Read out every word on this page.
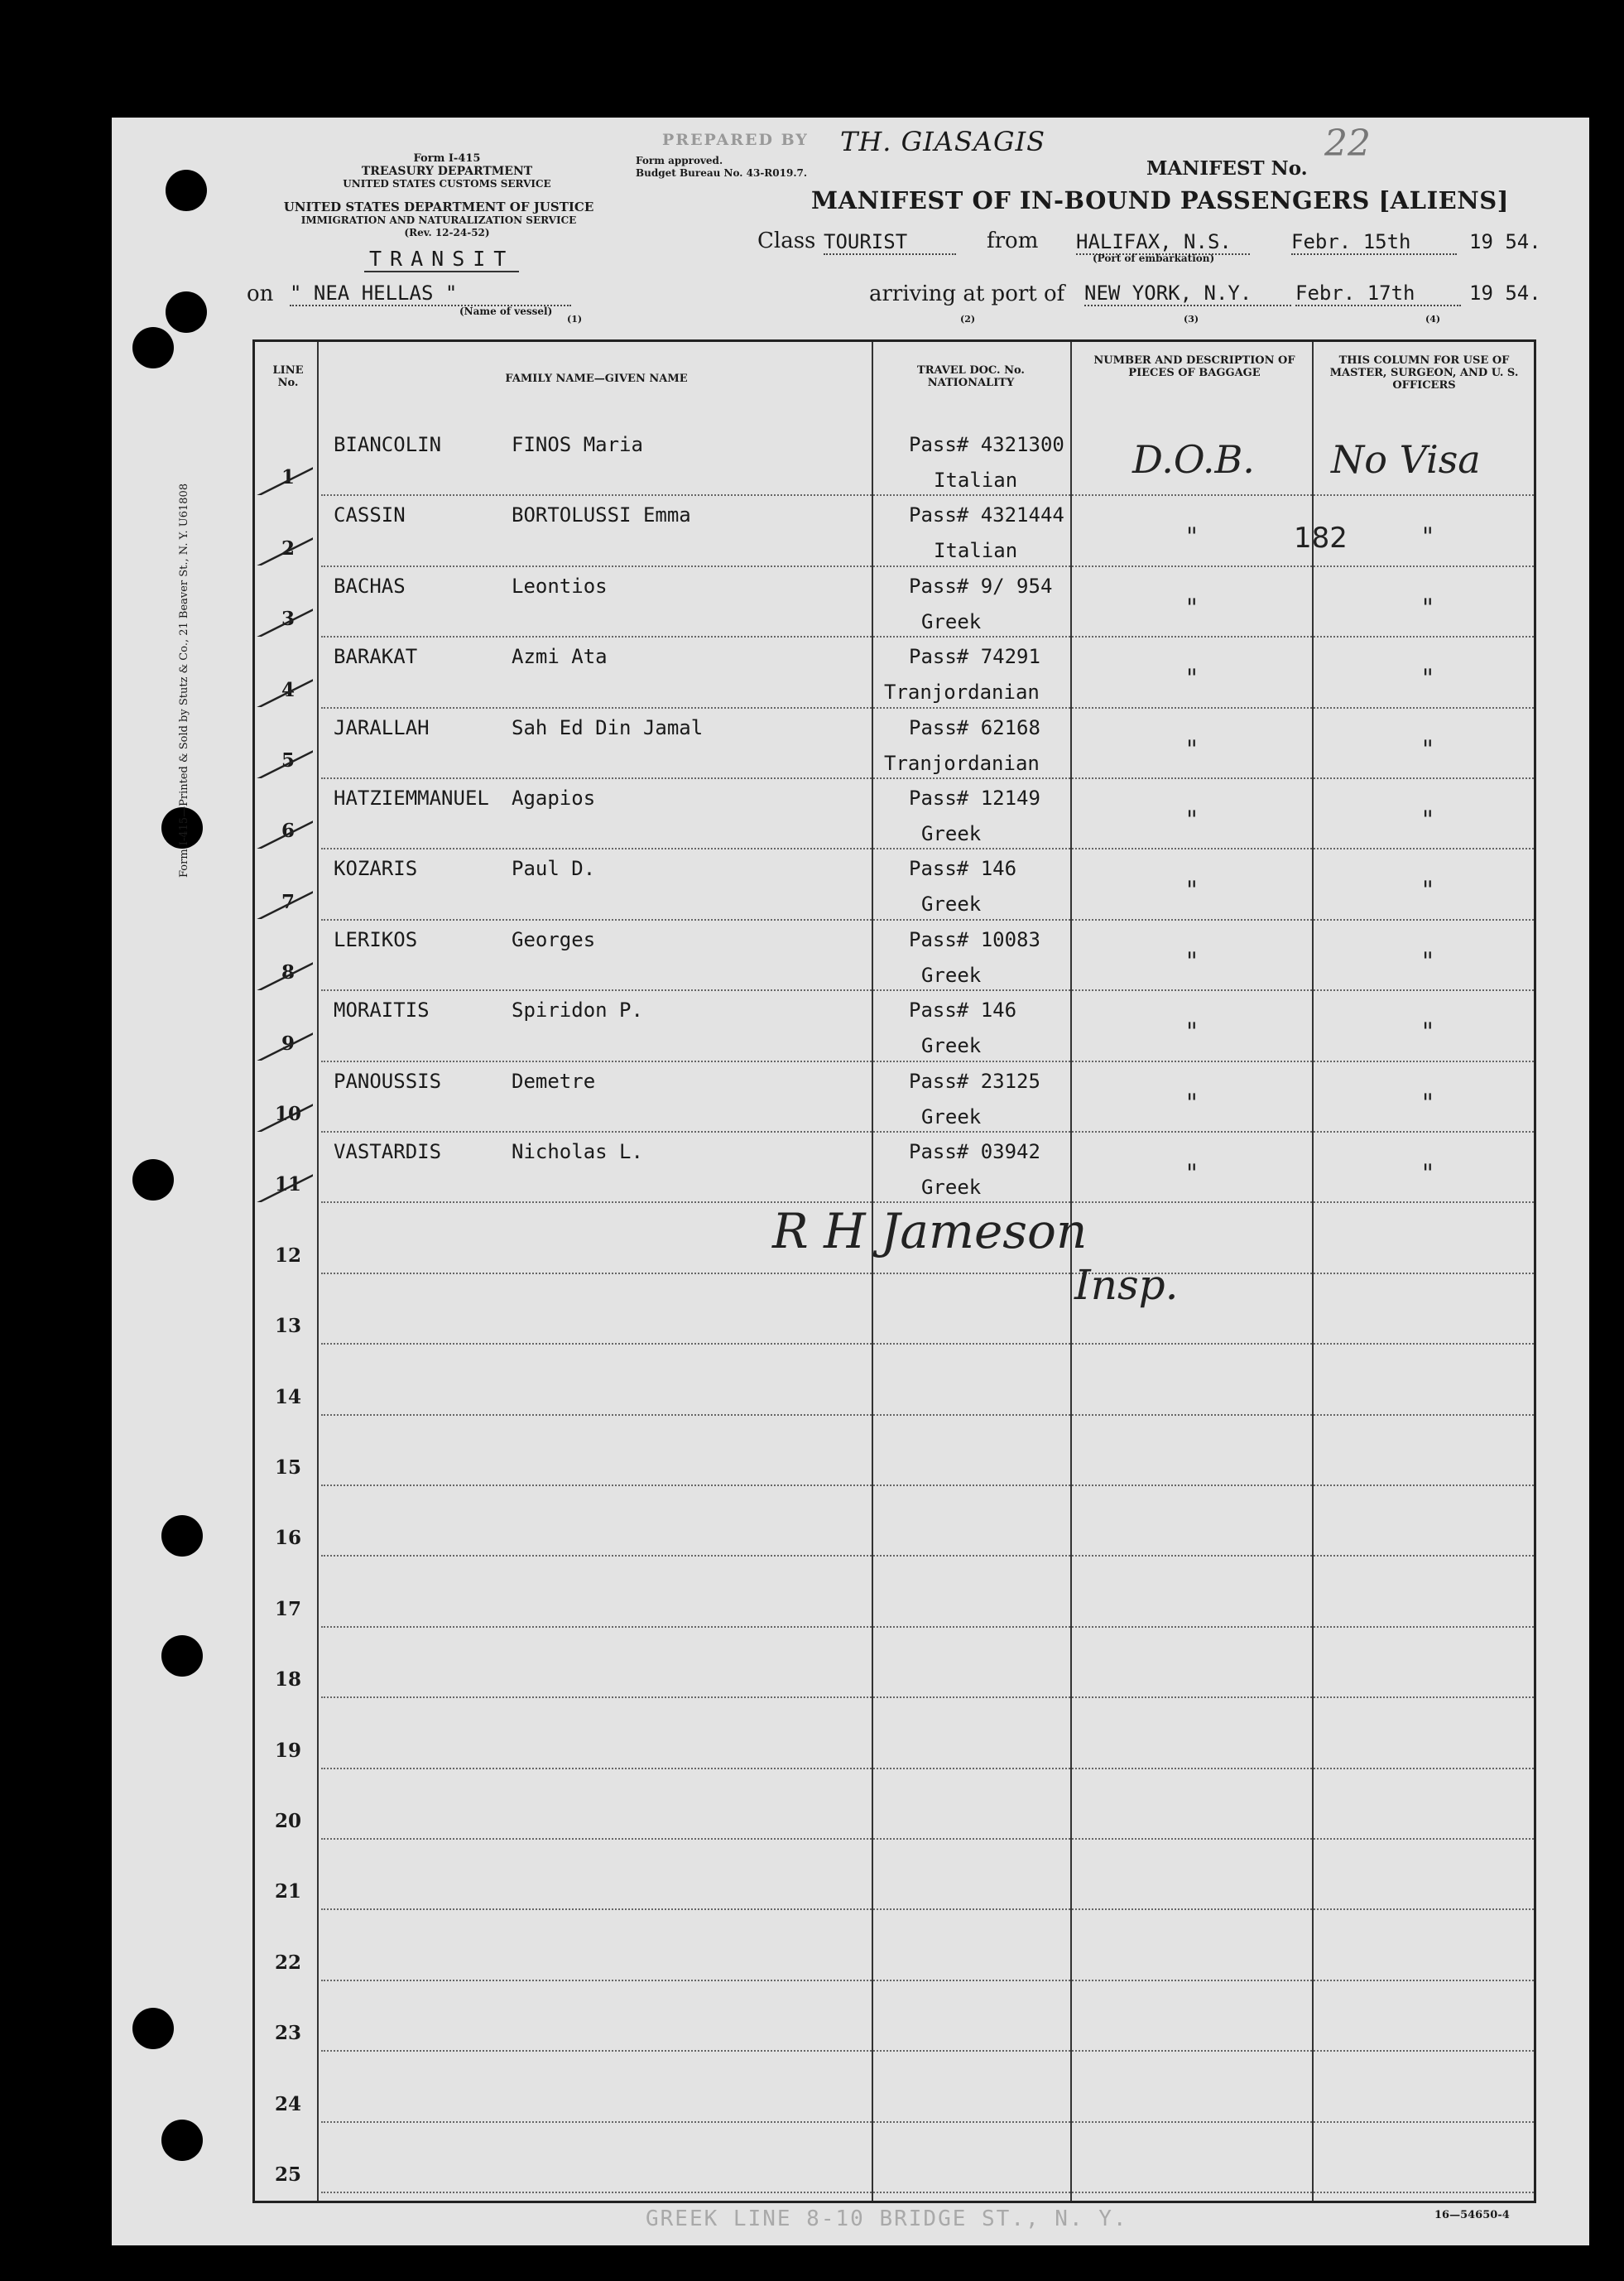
Form I-415
TREASURY DEPARTMENT
UNITED STATES CUSTOMS SERVICE
UNITED STATES DEPARTMENT OF JUSTICE
IMMIGRATION AND NATURALIZATION SERVICE
(Rev. 12-24-52)
TRANSIT
Form approved.
Budget Bureau No. 43-R019.7.
PREPARED BY TH. GIASAGIS
MANIFEST No.
22
MANIFEST OF IN-BOUND PASSENGERS [ALIENS]
Class TOURIST	from HALIFAX, N.S.
(Port of embarkation)
Febr. 15th	19 54.
on " NEA HELLAS "
(Name of vessel)
(1)
arriving at port of NEW YORK, N.Y.	Febr. 17th	19 54.
(2)	(3)	(4)
Form I-415—Printed & Sold by Stutz & Co., 21 Beaver St., N. Y. U61808
LINE No.	FAMILY NAME—GIVEN NAME
TRAVEL DOC. No. NATIONALITY
NUMBER AND DESCRIPTION OF PIECES OF BAGGAGE
THIS COLUMN FOR USE OF MASTER, SURGEON, AND U. S. OFFICERS
1
BIANCOLIN	FINOS Maria	Pass# 4321300
Italian	D.O.B. No Visa
2
CASSIN	BORTOLUSSI Emma	Pass# 4321444
Italian	"	"
3
BACHAS	Leontios	Pass# 9/ 954
Greek	"	"
4
BARAKAT	Azmi Ata	Pass# 74291
Tranjordanian	"	"
5
JARALLAH	Sah Ed Din Jamal	Pass# 62168
Tranjordanian	"	"
6
HATZIEMMANUEL Agapios	Pass# 12149
Greek	"	"
7
KOZARIS	Paul D.	Pass# 146
Greek	"	"
8
LERIKOS	Georges	Pass# 10083
Greek	"	"
9
MORAITIS	Spiridon P.	Pass# 146
Greek	"	"
10
PANOUSSIS	Demetre	Pass# 23125
Greek	"	"
11
VASTARDIS	Nicholas L.	Pass# 03942
Greek	"	"
12
13
14
15
16
17
18
19
20
21
22
23
24
25
182
R H Jameson
Insp.
16—54650-4
GREEK LINE 8-10 BRIDGE ST., N. Y.
